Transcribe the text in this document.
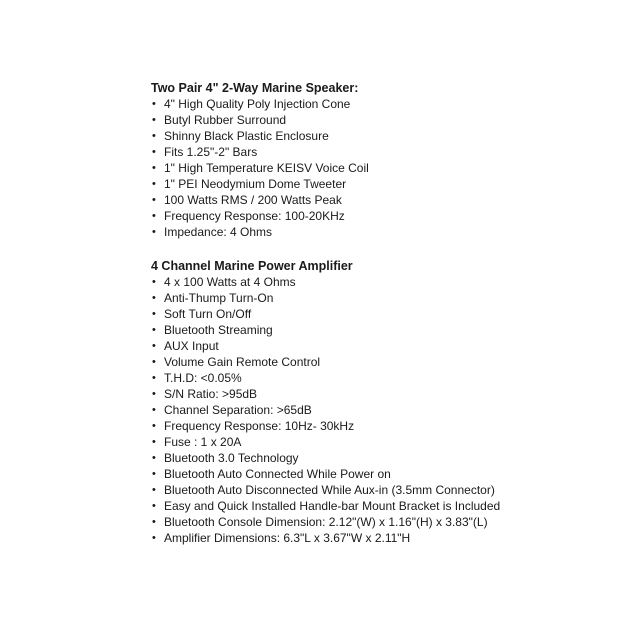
Two Pair 4" 2-Way Marine Speaker:
• 4" High Quality Poly Injection Cone
• Butyl Rubber Surround
• Shinny Black Plastic Enclosure
• Fits 1.25"-2" Bars
• 1" High Temperature KEISV Voice Coil
• 1" PEI Neodymium Dome Tweeter
• 100 Watts RMS / 200 Watts Peak
• Frequency Response: 100-20KHz
• Impedance: 4 Ohms
4 Channel Marine Power Amplifier
• 4 x 100 Watts at 4 Ohms
• Anti-Thump Turn-On
• Soft Turn On/Off
• Bluetooth Streaming
• AUX Input
• Volume Gain Remote Control
• T.H.D: <0.05%
• S/N Ratio: >95dB
• Channel Separation: >65dB
• Frequency Response: 10Hz- 30kHz
• Fuse : 1 x 20A
• Bluetooth 3.0 Technology
• Bluetooth Auto Connected While Power on
• Bluetooth Auto Disconnected While Aux-in (3.5mm Connector)
• Easy and Quick Installed Handle-bar Mount Bracket is Included
• Bluetooth Console Dimension: 2.12"(W) x 1.16"(H) x 3.83"(L)
• Amplifier Dimensions: 6.3"L x 3.67"W x 2.11"H
